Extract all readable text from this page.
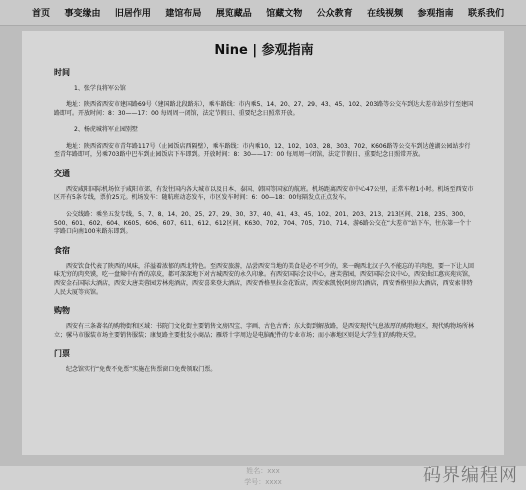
首页 事变缘由 旧居作用 建馆布局 展览藏品 馆藏文物 公众教育 在线视频 参观指南 联系我们
Nine | 参观指南
时间
1、张学良将军公馆
地址：陕西省西安市建国路69号（建国路北段路东），乘车路线：市内乘5、14、20、27、29、43、45、102、203路等公交车到达大差市站步行至建国路即可。开放时间：8：30——17：00 每周周一闭馆，法定节假日、重要纪念日照常开放。
2、杨虎城将军止园别墅
地址：陕西省西安市青年路117号（止园饭店西隔壁），乘车路线：市内乘10、12、102、103、28、303、702、K606路等公交车到达莲湖公园站步行至青年路即可，另乘703路中巴车到止园饭店下车即到。开放时间：8：30——17：00 每周周一闭馆，法定节假日、重要纪念日照常开放。
交通
西安咸阳国际机场位于咸阳市郊，有发往国内各大城市以及日本、泰国、韩国等国家的航班。机场距离西安市中心47公里，正常车程1小时。机场至西安市区开有5条专线，票价25元。机场发车：随航班动态发车，市区发车时间：6：00—18：00每隔发点正点发车。
公交线路：乘坐五发专线，5、7、8、14、20、25、27、29、30、37、40、41、43、45、102、201、203、213、213区间、218、235、300、500、601、602、604、K605、606、607、611、612、612区间、K630、702、704、705、710、714、游6路公交在“大差市”站下车，往东第一个十字路口向南100米路东即到。
食宿
西安饮食代表了陕西的风味，洋溢着浓郁的西北特色。至西安旅游，品尝西安当地的美食是必不可少的，来一碗西北汉子久不能忘的羊肉泡，要一下让人回味无穷的肉夹馍，吃一盘辣中有香的凉皮，都可深深地下对古城西安的永久印象。有西安国际会议中心，唐芙蓉园，西安国际会议中心，西安曲江惠宾苑宾馆，西安金石国际大酒店，西安大唐芙蓉园芳林苑酒店，西安喜来登大酒店，西安香格里拉金花饭店，西安索凯悦(阿房宫)酒店，西安香格里拉大酒店，西安索菲特人民大厦等宾馆。
购物
西安有三条著名的购物街和区域：书院门文化街主要销售文房四宝、字画、古色古香；东大街到解放路，是西安现代气息浓厚的购物地区，现代购物场所林立；骡马市服装市场主要销售服装；康复路主要批发小商品；雁塔十字周边是电脑配件的专业市场；而小寨地区则是大学生们的购物天堂。
门票
纪念馆实行“免费不免票”实施在售票窗口免费领取门票。
姓名：xxx
学号：xxxx	码界编程网
